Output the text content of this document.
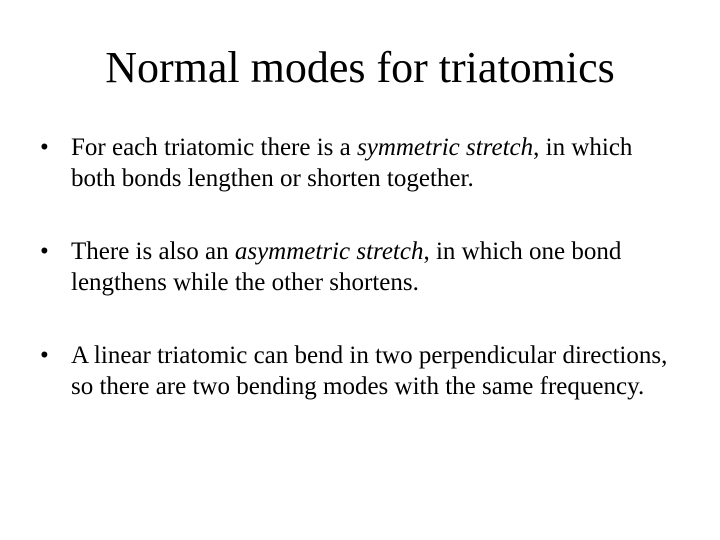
Normal modes for triatomics
• For each triatomic there is a symmetric stretch, in which both bonds lengthen or shorten together.
• There is also an asymmetric stretch, in which one bond lengthens while the other shortens.
• A linear triatomic can bend in two perpendicular directions, so there are two bending modes with the same frequency.
